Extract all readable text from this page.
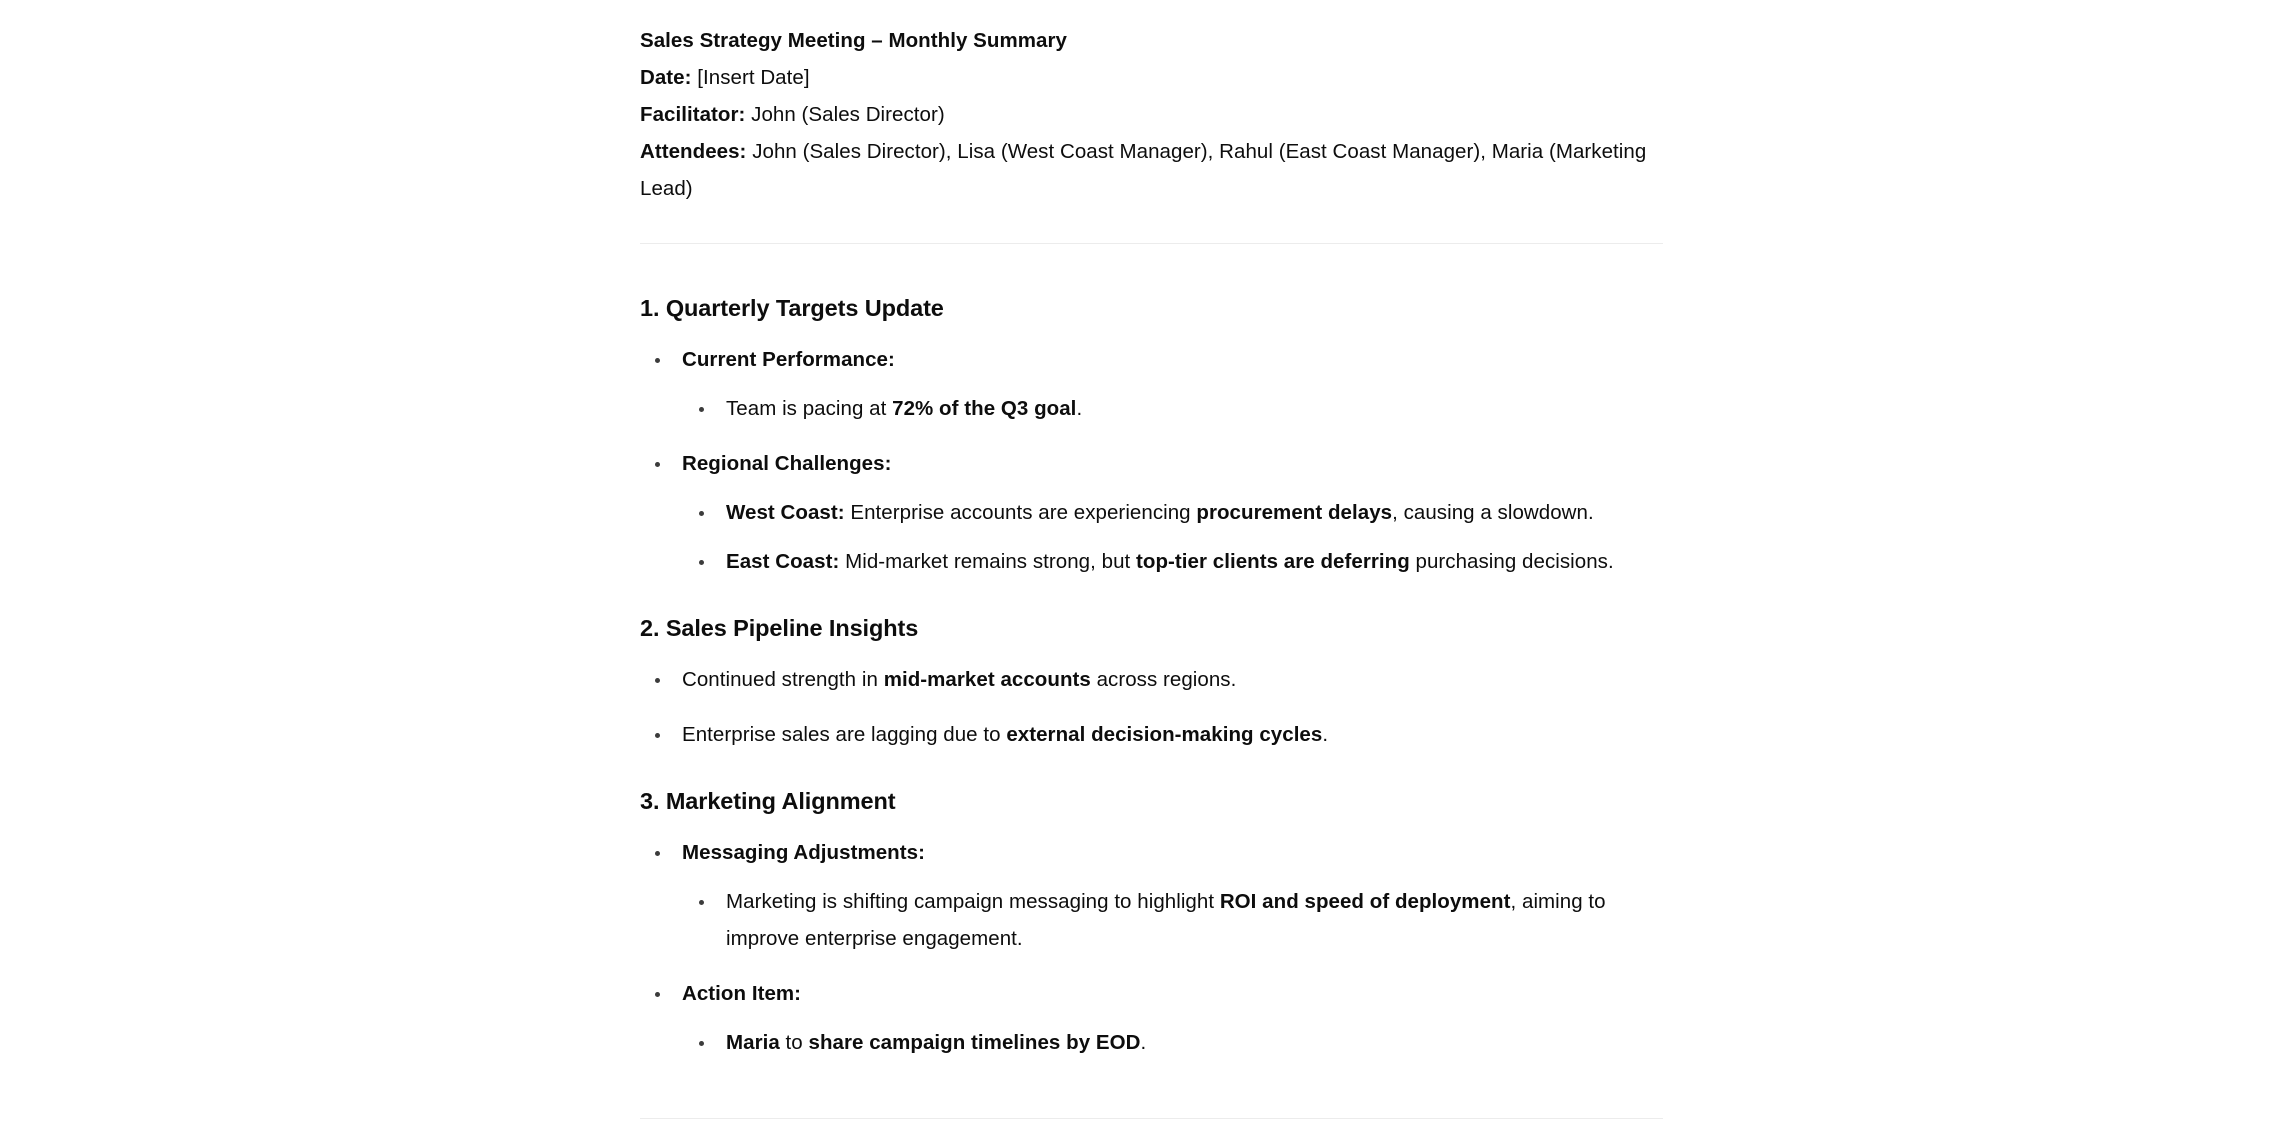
Sales Strategy Meeting – Monthly Summary
Date: [Insert Date]
Facilitator: John (Sales Director)
Attendees: John (Sales Director), Lisa (West Coast Manager), Rahul (East Coast Manager), Maria (Marketing Lead)
1. Quarterly Targets Update
Current Performance:
Team is pacing at 72% of the Q3 goal.
Regional Challenges:
West Coast: Enterprise accounts are experiencing procurement delays, causing a slowdown.
East Coast: Mid-market remains strong, but top-tier clients are deferring purchasing decisions.
2. Sales Pipeline Insights
Continued strength in mid-market accounts across regions.
Enterprise sales are lagging due to external decision-making cycles.
3. Marketing Alignment
Messaging Adjustments:
Marketing is shifting campaign messaging to highlight ROI and speed of deployment, aiming to improve enterprise engagement.
Action Item:
Maria to share campaign timelines by EOD.
